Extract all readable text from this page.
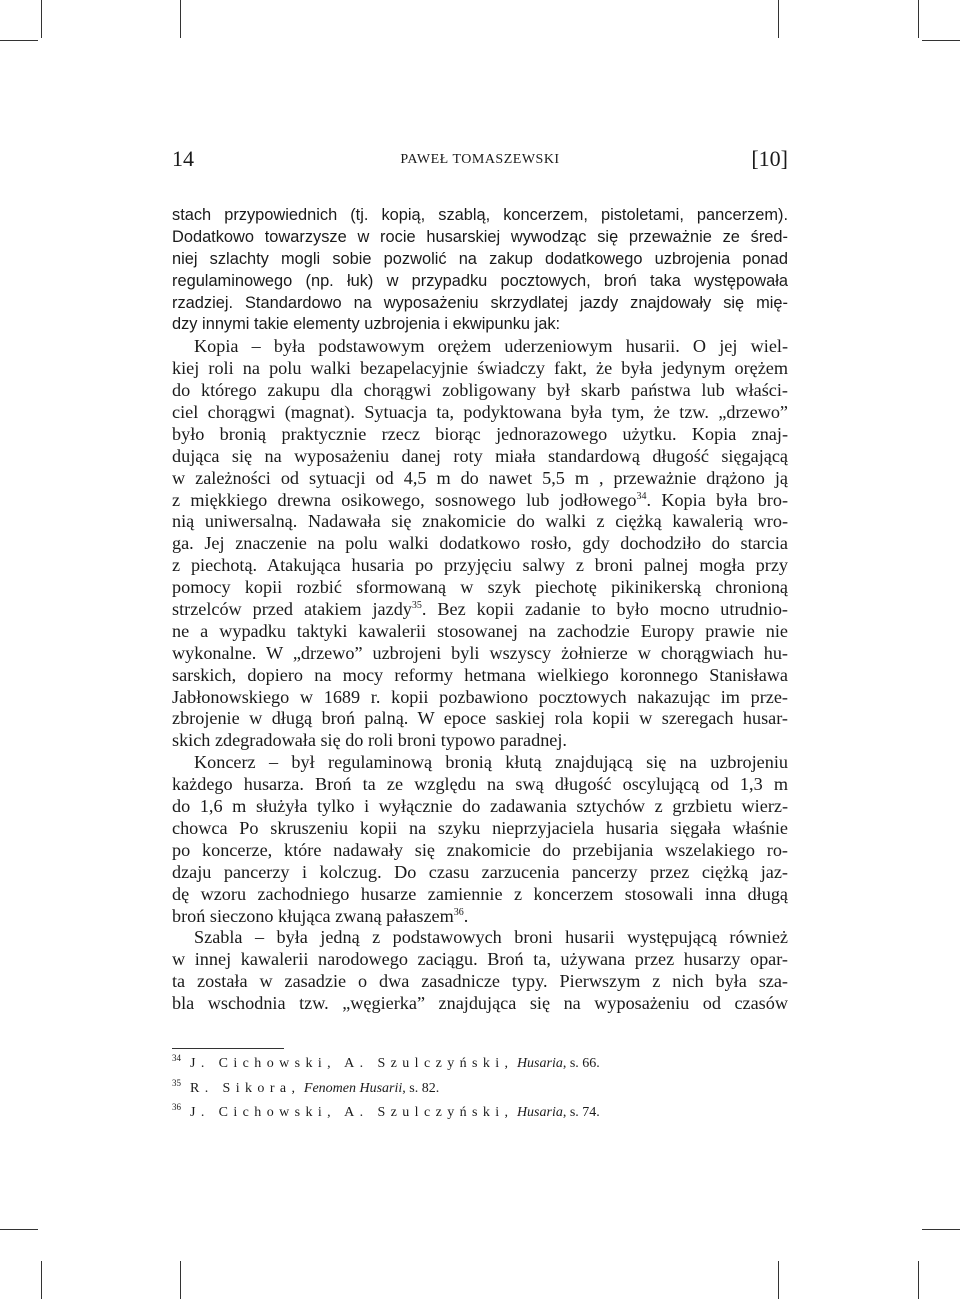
14	PAWEŁ TOMASZEWSKI	[10]
stach przypowiednich (tj. kopią, szablą, koncerzem, pistoletami, pancerzem).
Dodatkowo towarzysze w rocie husarskiej wywodząc się przeważnie ze śred-
niej szlachty mogli sobie pozwolić na zakup dodatkowego uzbrojenia ponad
regulaminowego (np. łuk) w przypadku pocztowych, broń taka występowała
rzadziej. Standardowo na wyposażeniu skrzydlatej jazdy znajdowały się mię-
dzy innymi takie elementy uzbrojenia i ekwipunku jak:
Kopia – była podstawowym orężem uderzeniowym husarii. O jej wiel-
kiej roli na polu walki bezapelacyjnie świadczy fakt, że była jedynym orężem
do którego zakupu dla chorągwi zobligowany był skarb państwa lub właści-
ciel chorągwi (magnat). Sytuacja ta, podyktowana była tym, że tzw. „drzewo”
było bronią praktycznie rzecz biorąc jednorazowego użytku. Kopia znaj-
dująca się na wyposażeniu danej roty miała standardową długość sięgającą
w zależności od sytuacji od 4,5 m do nawet 5,5 m , przeważnie drążono ją
z miękkiego drewna osikowego, sosnowego lub jodłowego$^{34}$. Kopia była bro-
nią uniwersalną. Nadawała się znakomicie do walki z ciężką kawalerią wro-
ga. Jej znaczenie na polu walki dodatkowo rosło, gdy dochodziło do starcia
z piechotą. Atakująca husaria po przyjęciu salwy z broni palnej mogła przy
pomocy kopii rozbić sformowaną w szyk piechotę pikinikerską chronioną
strzelców przed atakiem jazdy$^{35}$. Bez kopii zadanie to było mocno utrudnio-
ne a wypadku taktyki kawalerii stosowanej na zachodzie Europy prawie nie
wykonalne. W „drzewo” uzbrojeni byli wszyscy żołnierze w chorągwiach hu-
sarskich, dopiero na mocy reformy hetmana wielkiego koronnego Stanisława
Jabłonowskiego w 1689 r. kopii pozbawiono pocztowych nakazując im prze-
zbrojenie w długą broń palną. W epoce saskiej rola kopii w szeregach husar-
skich zdegradowała się do roli broni typowo paradnej.
Koncerz – był regulaminową bronią kłutą znajdującą się na uzbrojeniu
każdego husarza. Broń ta ze względu na swą długość oscylującą od 1,3 m
do 1,6 m służyła tylko i wyłącznie do zadawania sztychów z grzbietu wierz-
chowca Po skruszeniu kopii na szyku nieprzyjaciela husaria sięgała właśnie
po koncerze, które nadawały się znakomicie do przebijania wszelakiego ro-
dzaju pancerzy i kolczug. Do czasu zarzucenia pancerzy przez ciężką jaz-
dę wzoru zachodniego husarze zamiennie z koncerzem stosowali inna długą
broń sieczono kłująca zwaną pałaszem$^{36}$.
Szabla – była jedną z podstawowych broni husarii występującą również
w innej kawalerii narodowego zaciągu. Broń ta, używana przez husarzy opar-
ta została w zasadzie o dwa zasadnicze typy. Pierwszym z nich była sza-
bla wschodnia tzw. „węgierka” znajdująca się na wyposażeniu od czasów
$^{34}$ J. Cichowski, A. Szulczyński, Husaria, s. 66.
$^{35}$ R. Sikora, Fenomen Husarii, s. 82.
$^{36}$ J. Cichowski, A. Szulczyński, Husaria, s. 74.
